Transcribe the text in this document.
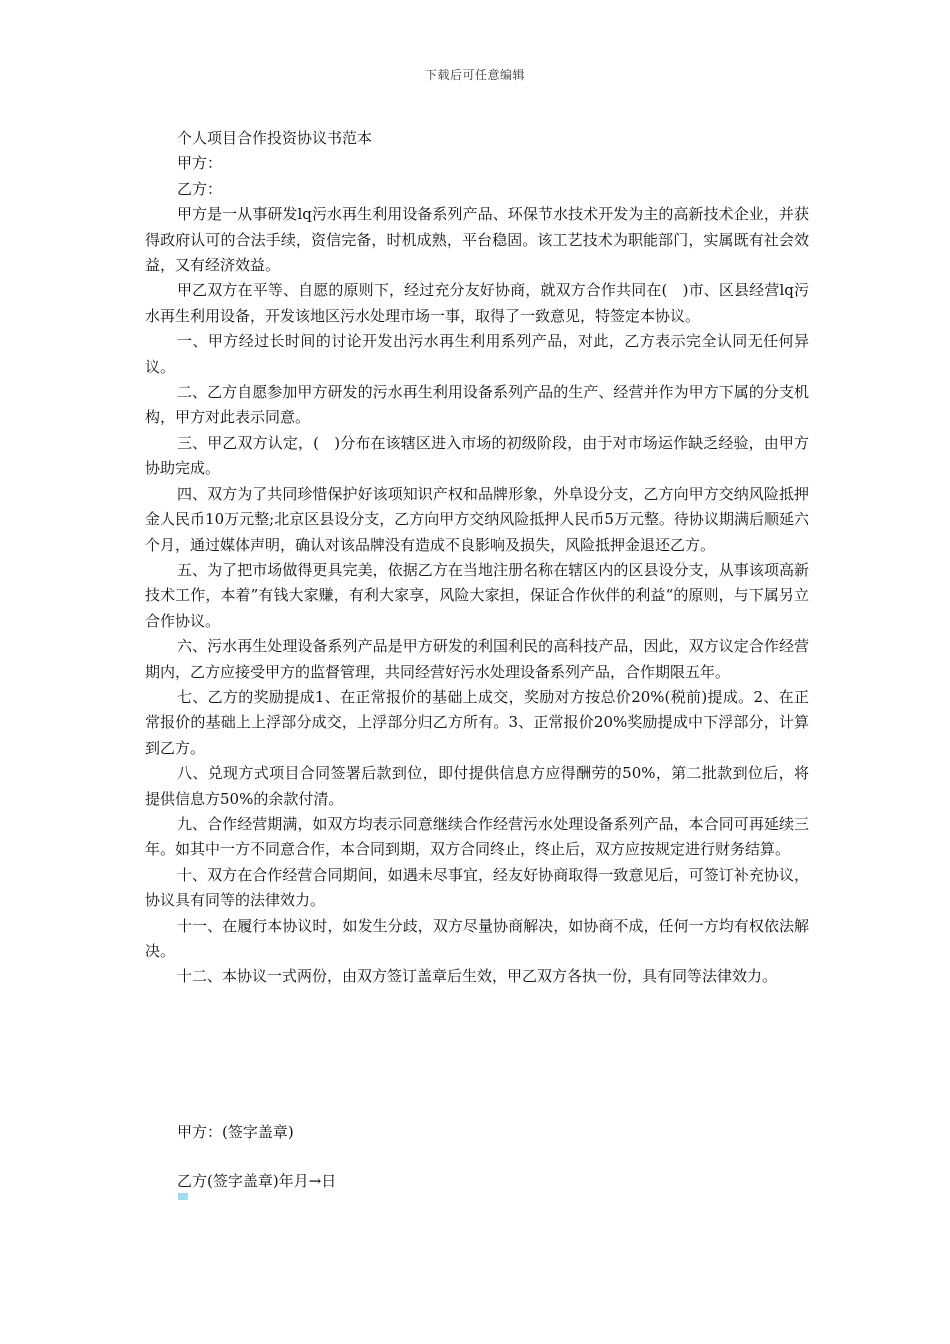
下载后可任意编辑

个人项目合作投资协议书范本

甲方：

乙方：

甲方是一从事研发lq污水再生利用设备系列产品、环保节水技术开发为主的高新技术企业，并获得政府认可的合法手续，资信完备，时机成熟，平台稳固。该工艺技术为职能部门，实属既有社会效益，又有经济效益。

甲乙双方在平等、自愿的原则下，经过充分友好协商，就双方合作共同在(　)市、区县经营lq污水再生利用设备，开发该地区污水处理市场一事，取得了一致意见，特签定本协议。

一、甲方经过长时间的讨论开发出污水再生利用系列产品，对此，乙方表示完全认同无任何异议。

二、乙方自愿参加甲方研发的污水再生利用设备系列产品的生产、经营并作为甲方下属的分支机构，甲方对此表示同意。

三、甲乙双方认定，(　)分布在该辖区进入市场的初级阶段，由于对市场运作缺乏经验，由甲方协助完成。

四、双方为了共同珍惜保护好该项知识产权和品牌形象，外阜设分支，乙方向甲方交纳风险抵押金人民币10万元整;北京区县设分支，乙方向甲方交纳风险抵押人民币5万元整。待协议期满后顺延六个月，通过媒体声明，确认对该品牌没有造成不良影响及损失，风险抵押金退还乙方。

五、为了把市场做得更具完美，依据乙方在当地注册名称在辖区内的区县设分支，从事该项高新技术工作，本着”有钱大家赚，有利大家享，风险大家担，保证合作伙伴的利益“的原则，与下属另立合作协议。

六、污水再生处理设备系列产品是甲方研发的利国利民的高科技产品，因此，双方议定合作经营期内，乙方应接受甲方的监督管理，共同经营好污水处理设备系列产品，合作期限五年。

七、乙方的奖励提成1、在正常报价的基础上成交，奖励对方按总价20%(税前)提成。2、在正常报价的基础上上浮部分成交，上浮部分归乙方所有。3、正常报价20%奖励提成中下浮部分，计算到乙方。

八、兑现方式项目合同签署后款到位，即付提供信息方应得酬劳的50%，第二批款到位后，将提供信息方50%的余款付清。

九、合作经营期满，如双方均表示同意继续合作经营污水处理设备系列产品，本合同可再延续三年。如其中一方不同意合作，本合同到期，双方合同终止，终止后，双方应按规定进行财务结算。

十、双方在合作经营合同期间，如遇未尽事宜，经友好协商取得一致意见后，可签订补充协议，协议具有同等的法律效力。

十一、在履行本协议时，如发生分歧，双方尽量协商解决，如协商不成，任何一方均有权依法解决。

十二、本协议一式两份，由双方签订盖章后生效，甲乙双方各执一份，具有同等法律效力。

甲方：(签字盖章)
乙方(签字盖章)年月→日
